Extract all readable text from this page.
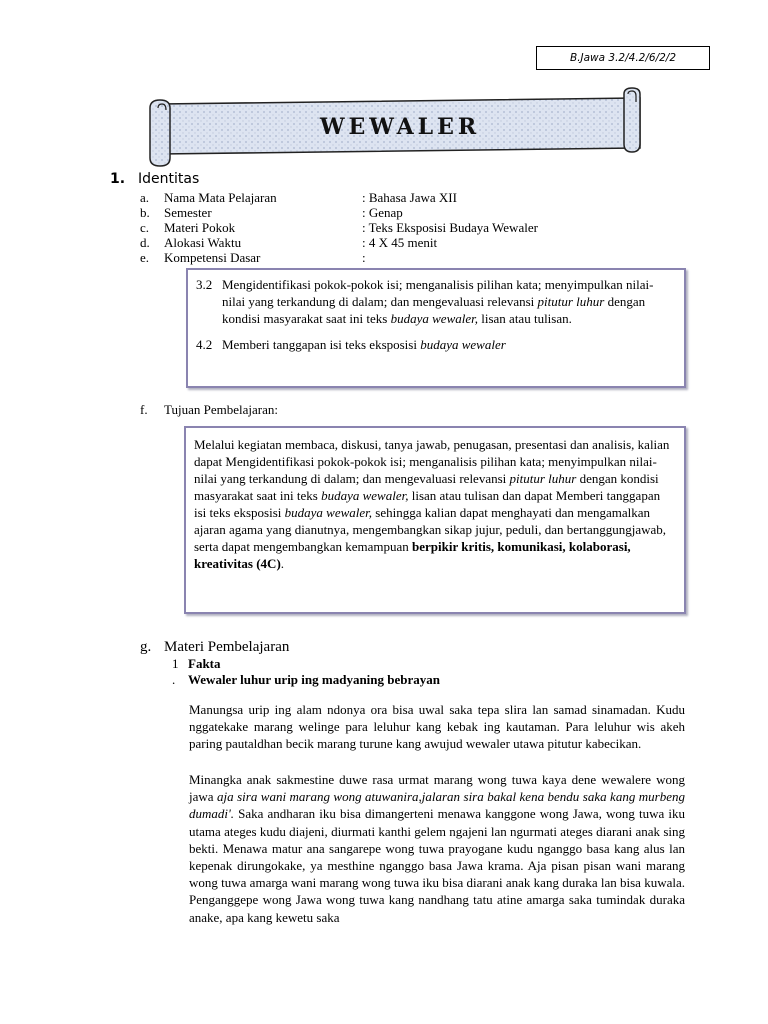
B.Jawa 3.2/4.2/6/2/2
WEWALER
1. Identitas
a.	Nama Mata Pelajaran	: Bahasa Jawa XII
b.	Semester	: Genap
c.	Materi Pokok	: Teks Eksposisi Budaya Wewaler
d.	Alokasi Waktu	: 4 X 45 menit
e.	Kompetensi Dasar	:
3.2 Mengidentifikasi pokok-pokok isi; menganalisis pilihan kata; menyimpulkan nilai-nilai yang terkandung di dalam; dan mengevaluasi relevansi pitutur luhur dengan kondisi masyarakat saat ini teks budaya wewaler, lisan atau tulisan.
4.2 Memberi tanggapan isi teks eksposisi budaya wewaler
f. Tujuan Pembelajaran:
Melalui kegiatan membaca, diskusi, tanya jawab, penugasan, presentasi dan analisis, kalian dapat Mengidentifikasi pokok-pokok isi; menganalisis pilihan kata; menyimpulkan nilai-nilai yang terkandung di dalam; dan mengevaluasi relevansi pitutur luhur dengan kondisi masyarakat saat ini teks budaya wewaler, lisan atau tulisan dan dapat Memberi tanggapan isi teks eksposisi budaya wewaler, sehingga kalian dapat menghayati dan mengamalkan ajaran agama yang dianutnya, mengembangkan sikap jujur, peduli, dan bertanggungjawab, serta dapat mengembangkan kemampuan berpikir kritis, komunikasi, kolaborasi, kreativitas (4C).
g. Materi Pembelajaran
1 Fakta
. Wewaler luhur urip ing madyaning bebrayan
Manungsa urip ing alam ndonya ora bisa uwal saka tepa slira lan samad sinamadan. Kudu nggatekake marang welinge para leluhur kang kebak ing kautaman. Para leluhur wis akeh paring pautaldhan becik marang turune kang awujud wewaler utawa pitutur kabecikan.
Minangka anak sakmestine duwe rasa urmat marang wong tuwa kaya dene wewalere wong jawa aja sira wani marang wong atuwanira,jalaran sira bakal kena bendu saka kang murbeng dumadi'. Saka andharan iku bisa dimangerteni menawa kanggone wong Jawa, wong tuwa iku utama ateges kudu diajeni, diurmati kanthi gelem ngajeni lan ngurmati ateges diarani anak sing bekti. Menawa matur ana sangarepe wong tuwa prayogane kudu nganggo basa kang alus lan kepenak dirungokake, ya mesthine nganggo basa Jawa krama. Aja pisan pisan wani marang wong tuwa amarga wani marang wong tuwa iku bisa diarani anak kang duraka lan bisa kuwala. Penganggepe wong Jawa wong tuwa kang nandhang tatu atine amarga saka tumindak duraka anake, apa kang kewetu saka
